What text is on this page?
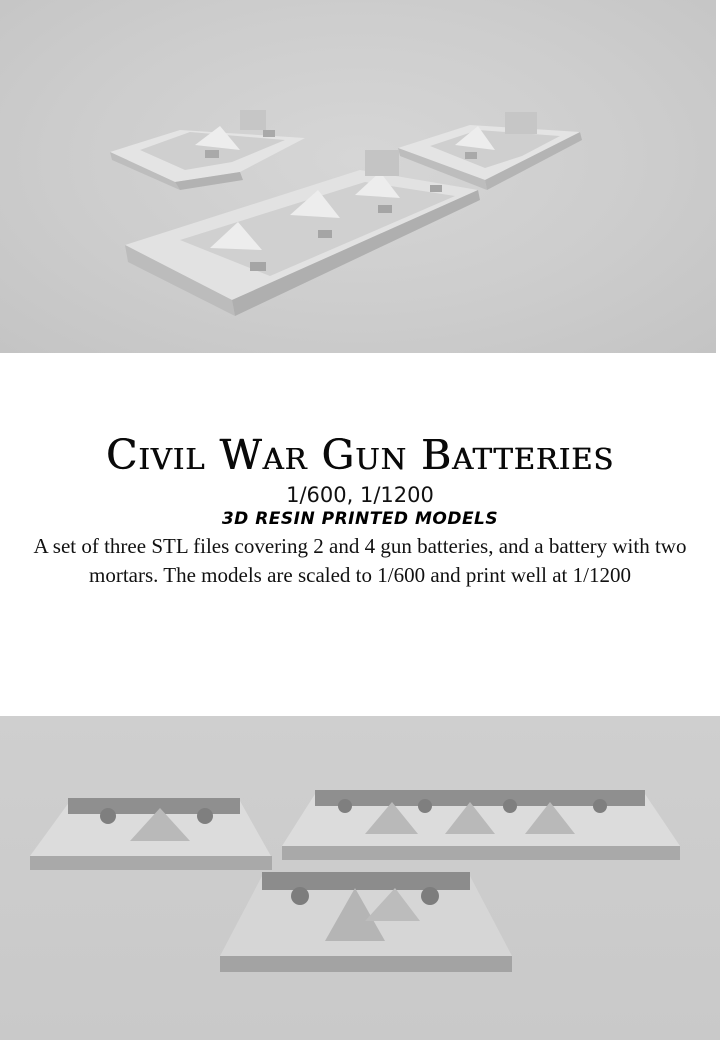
Civil War Gun Batteries
1/600, 1/1200
3D RESIN PRINTED MODELS

A set of three STL files covering 2 and 4 gun batteries, and a battery with two mortars. The models are scaled to 1/600 and print well at 1/1200
